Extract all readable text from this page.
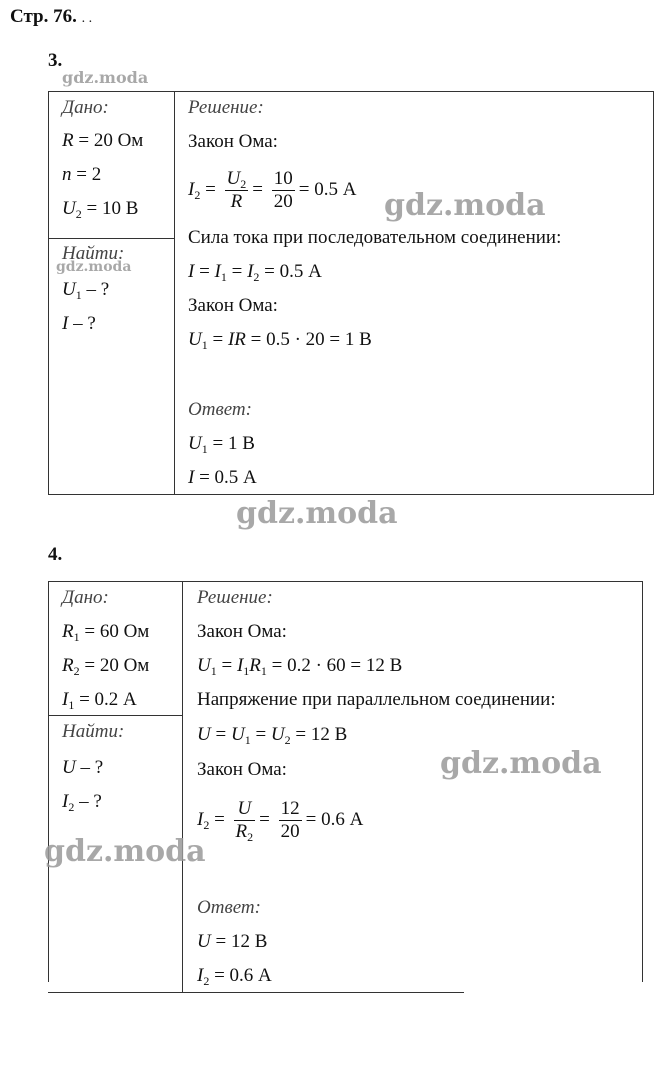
Стр. 76. . .
3.
gdz.moda
Дано:
R = 20 Ом
n = 2
$U_2 = 10$ В
Найти:
gdz.moda
$U_1$ – ?
I – ?
Решение:
Закон Ома:
$I_2 = \frac{U_2}{R} = \frac{10}{20} = 0.5$ А gdz.moda
Сила тока при последовательном соединении:
$I = I_1 = I_2 = 0.5$ А
Закон Ома:
$U_1$ = IR = 0.5 · 20 = 1 В
Ответ:
$U_1 = 1$ В
I = 0.5 А
gdz.moda
4.
Дано:
$R_1 = 60$ Ом
$R_2 = 20$ Ом
$I_1 = 0.2$ А
Найти:
U – ?
$I_2$ – ?
gdz.moda
Решение:
Закон Ома:
$U_1 = I_1R_1 = 0.2 \cdot 60 = 12$ В
Напряжение при параллельном соединении:
$U = U_1 = U_2 = 12$ В
gdz.moda
Закон Ома:
$I_2 = \frac{U}{R_2} = \frac{12}{20} = 0.6$ А
Ответ:
U = 12 В
$I_2 = 0.6$ А
